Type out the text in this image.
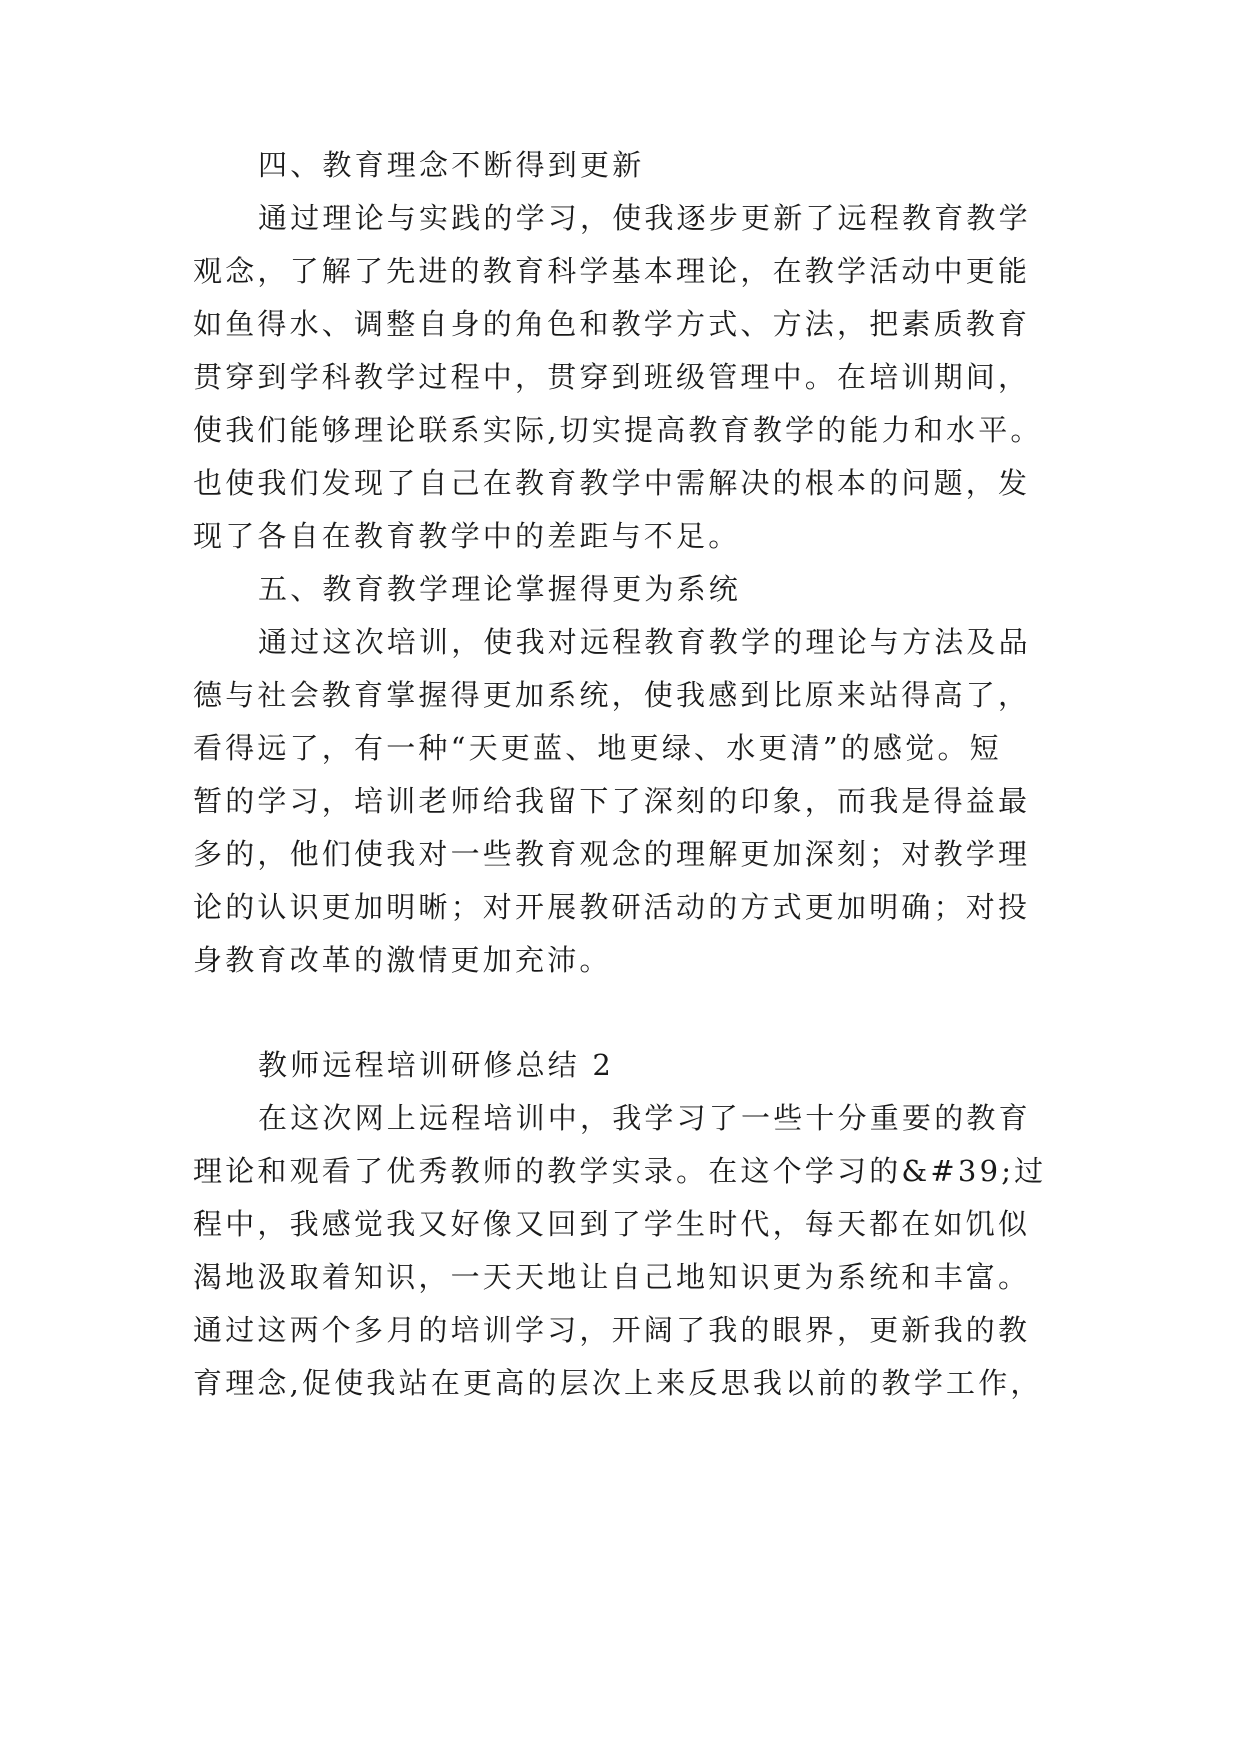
四、教育理念不断得到更新
通过理论与实践的学习，使我逐步更新了远程教育教学
观念，了解了先进的教育科学基本理论，在教学活动中更能
如鱼得水、调整自身的角色和教学方式、方法，把素质教育
贯穿到学科教学过程中，贯穿到班级管理中。在培训期间，
使我们能够理论联系实际,切实提高教育教学的能力和水平。
也使我们发现了自己在教育教学中需解决的根本的问题，发
现了各自在教育教学中的差距与不足。
五、教育教学理论掌握得更为系统
通过这次培训，使我对远程教育教学的理论与方法及品
德与社会教育掌握得更加系统，使我感到比原来站得高了，
看得远了，有一种“天更蓝、地更绿、水更清”的感觉。短
暂的学习，培训老师给我留下了深刻的印象，而我是得益最
多的，他们使我对一些教育观念的理解更加深刻；对教学理
论的认识更加明晰；对开展教研活动的方式更加明确；对投
身教育改革的激情更加充沛。
教师远程培训研修总结 2
在这次网上远程培训中，我学习了一些十分重要的教育
理论和观看了优秀教师的教学实录。在这个学习的&#39;过
程中，我感觉我又好像又回到了学生时代，每天都在如饥似
渴地汲取着知识，一天天地让自己地知识更为系统和丰富。
通过这两个多月的培训学习，开阔了我的眼界，更新我的教
育理念,促使我站在更高的层次上来反思我以前的教学工作，
